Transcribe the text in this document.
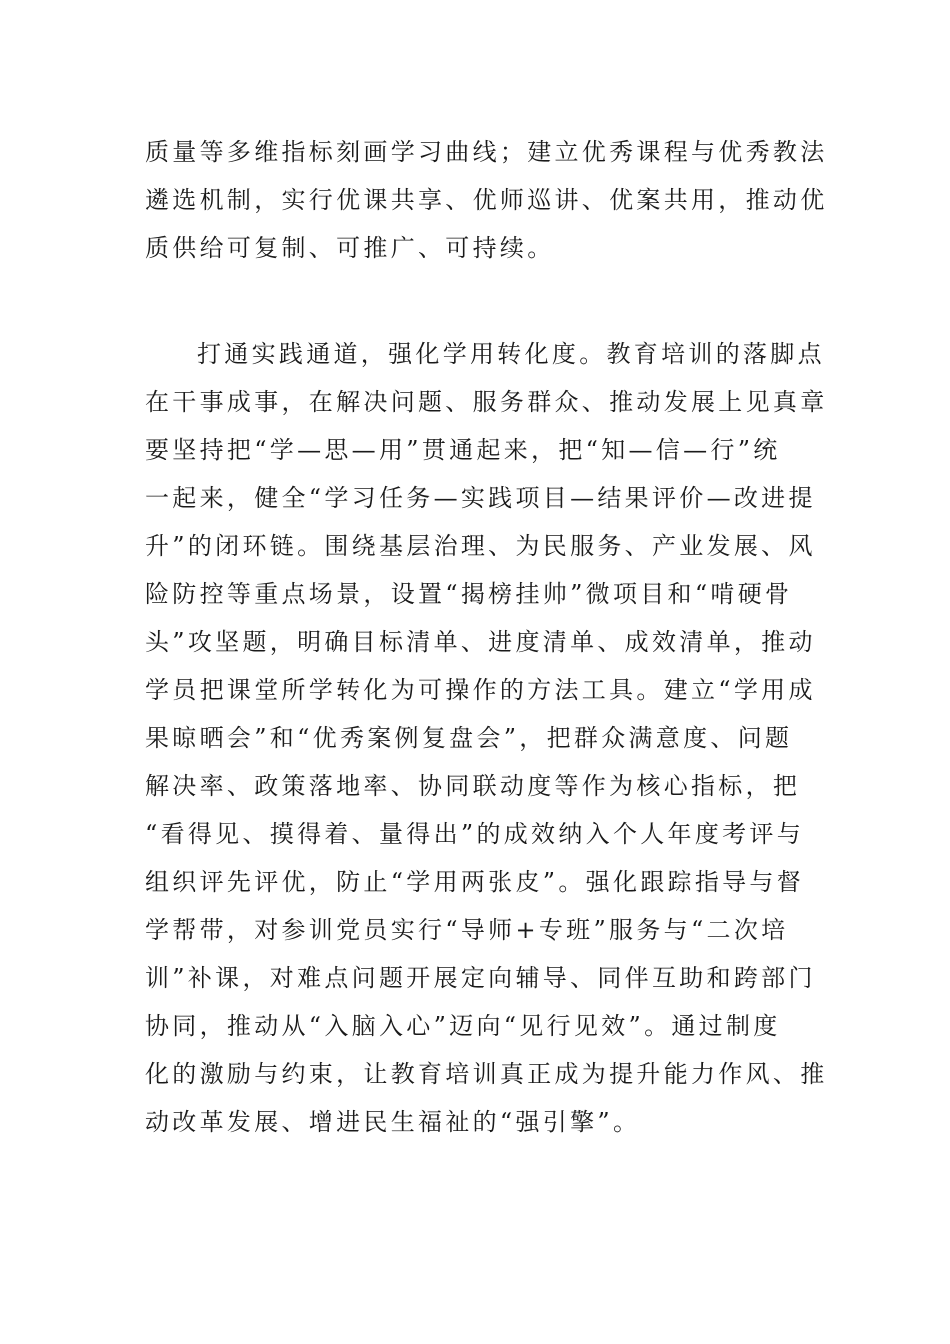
质量等多维指标刻画学习曲线；建立优秀课程与优秀教法
遴选机制，实行优课共享、优师巡讲、优案共用，推动优
质供给可复制、可推广、可持续。
打通实践通道，强化学用转化度。教育培训的落脚点
在干事成事，在解决问题、服务群众、推动发展上见真章
要坚持把“学—思—用”贯通起来，把“知—信—行”统
一起来，健全“学习任务—实践项目—结果评价—改进提
升”的闭环链。围绕基层治理、为民服务、产业发展、风
险防控等重点场景，设置“揭榜挂帅”微项目和“啃硬骨
头”攻坚题，明确目标清单、进度清单、成效清单，推动
学员把课堂所学转化为可操作的方法工具。建立“学用成
果晾晒会”和“优秀案例复盘会”，把群众满意度、问题
解决率、政策落地率、协同联动度等作为核心指标，把
“看得见、摸得着、量得出”的成效纳入个人年度考评与
组织评先评优，防止“学用两张皮”。强化跟踪指导与督
学帮带，对参训党员实行“导师+专班”服务与“二次培
训”补课，对难点问题开展定向辅导、同伴互助和跨部门
协同，推动从“入脑入心”迈向“见行见效”。通过制度
化的激励与约束，让教育培训真正成为提升能力作风、推
动改革发展、增进民生福祉的“强引擎”。
